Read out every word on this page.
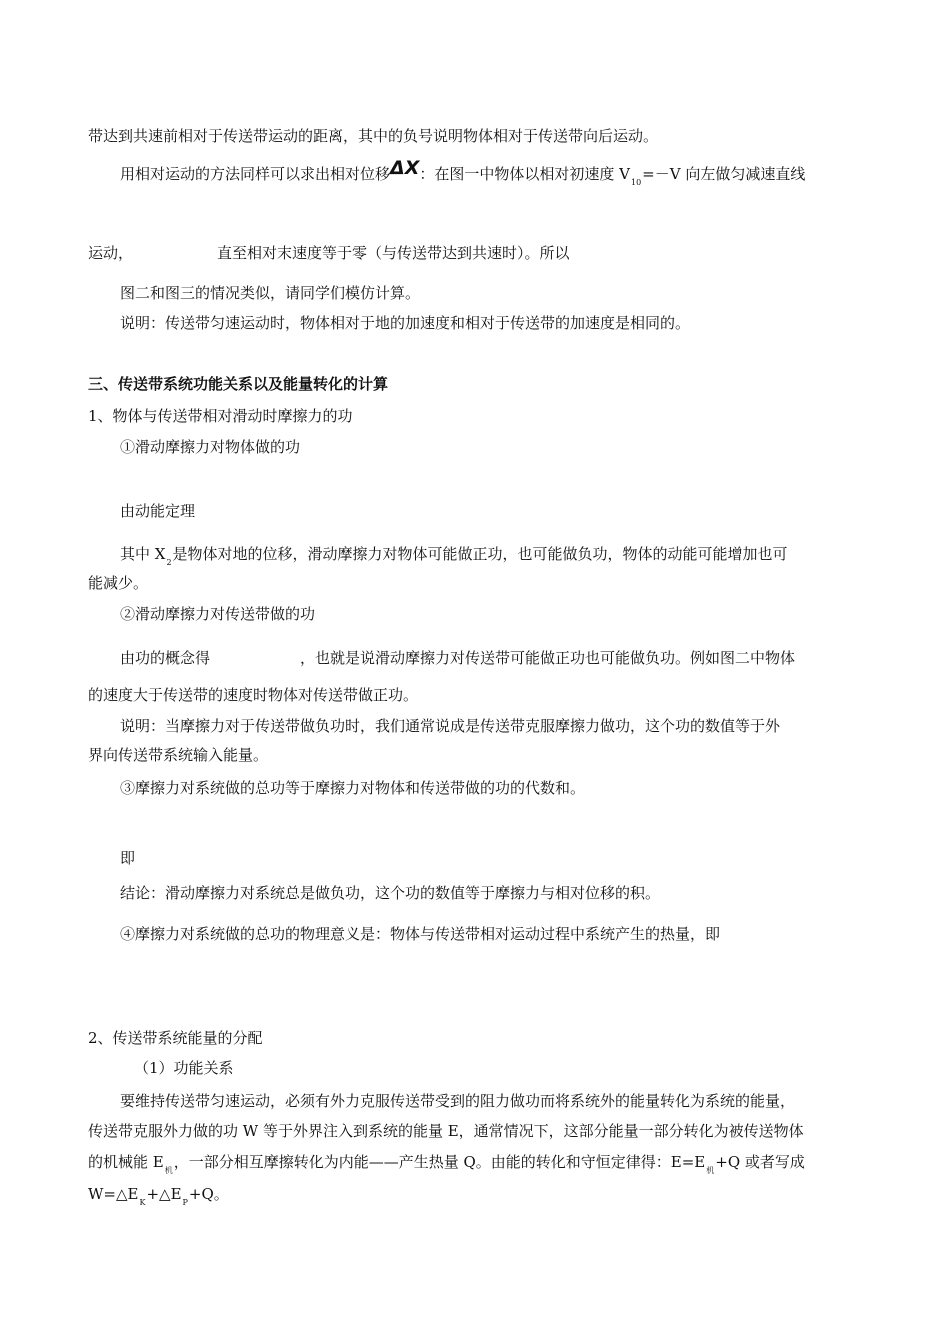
带达到共速前相对于传送带运动的距离，其中的负号说明物体相对于传送带向后运动。
用相对运动的方法同样可以求出相对位移ΔX：在图一中物体以相对初速度 $V_{10}=-V$ 向左做匀减速直线
运动，	直至相对末速度等于零（与传送带达到共速时）。所以
图二和图三的情况类似，请同学们模仿计算。
说明：传送带匀速运动时，物体相对于地的加速度和相对于传送带的加速度是相同的。
三、传送带系统功能关系以及能量转化的计算
1、物体与传送带相对滑动时摩擦力的功
①滑动摩擦力对物体做的功
由动能定理
其中 $X_2$是物体对地的位移，滑动摩擦力对物体可能做正功，也可能做负功，物体的动能可能增加也可
能减少。
②滑动摩擦力对传送带做的功
由功的概念得	，也就是说滑动摩擦力对传送带可能做正功也可能做负功。例如图二中物体
的速度大于传送带的速度时物体对传送带做正功。
说明：当摩擦力对于传送带做负功时，我们通常说成是传送带克服摩擦力做功，这个功的数值等于外
界向传送带系统输入能量。
③摩擦力对系统做的总功等于摩擦力对物体和传送带做的功的代数和。
即
结论：滑动摩擦力对系统总是做负功，这个功的数值等于摩擦力与相对位移的积。
④摩擦力对系统做的总功的物理意义是：物体与传送带相对运动过程中系统产生的热量，即
2、传送带系统能量的分配
（1）功能关系
要维持传送带匀速运动，必须有外力克服传送带受到的阻力做功而将系统外的能量转化为系统的能量，
传送带克服外力做的功 W 等于外界注入到系统的能量 E，通常情况下，这部分能量一部分转化为被传送物体
的机械能 $E_机$，一部分相互摩擦转化为内能——产生热量 Q。由能的转化和守恒定律得：$E=E_机+Q$ 或者写成
$W=\triangle E_K+\triangle E_P+Q$。
